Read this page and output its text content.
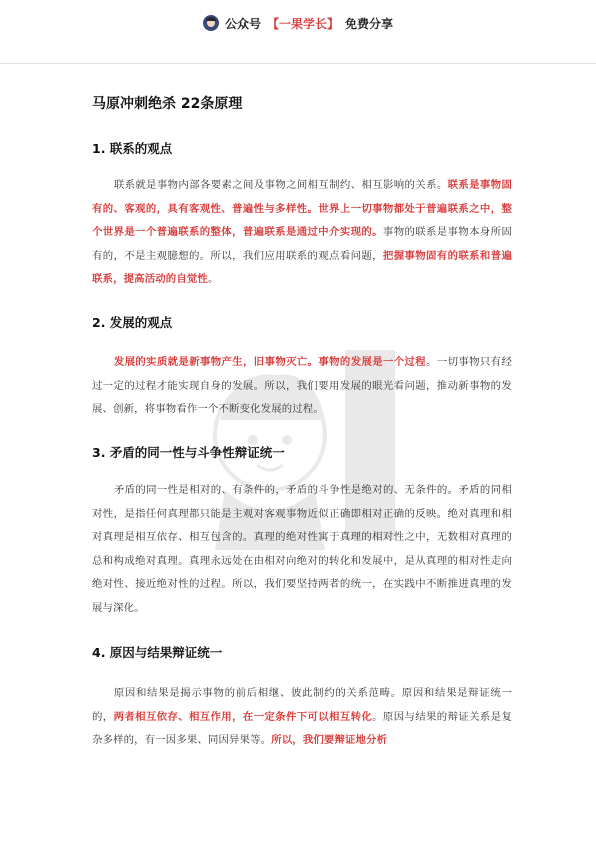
公众号 【一果学长】 免费分享
马原冲刺绝杀 22条原理
1. 联系的观点

联系就是事物内部各要素之间及事物之间相互制约、相互影响的关系。联系是事物固有的、客观的，具有客观性、普遍性与多样性。世界上一切事物都处于普遍联系之中，整个世界是一个普遍联系的整体，普遍联系是通过中介实现的。事物的联系是事物本身所固有的，不是主观臆想的。所以，我们应用联系的观点看问题，把握事物固有的联系和普遍联系，提高活动的自觉性。

2. 发展的观点

发展的实质就是新事物产生，旧事物灭亡。事物的发展是一个过程。一切事物只有经过一定的过程才能实现自身的发展。所以，我们要用发展的眼光看问题，推动新事物的发展、创新，将事物看作一个不断变化发展的过程。

3. 矛盾的同一性与斗争性辩证统一

矛盾的同一性是相对的、有条件的，矛盾的斗争性是绝对的、无条件的。矛盾的同相对性，是指任何真理都只能是主观对客观事物近似正确即相对正确的反映。绝对真理和相对真理是相互依存、相互包含的。真理的绝对性寓于真理的相对性之中，无数相对真理的总和构成绝对真理。真理永远处在由相对向绝对的转化和发展中，是从真理的相对性走向绝对性、接近绝对性的过程。所以，我们要坚持两者的统一，在实践中不断推进真理的发展与深化。

4. 原因与结果辩证统一

原因和结果是揭示事物的前后相继、彼此制约的关系范畴。原因和结果是辩证统一的，两者相互依存、相互作用，在一定条件下可以相互转化。原因与结果的辩证关系是复杂多样的，有一因多果、同因异果等。所以，我们要辩证地分析
